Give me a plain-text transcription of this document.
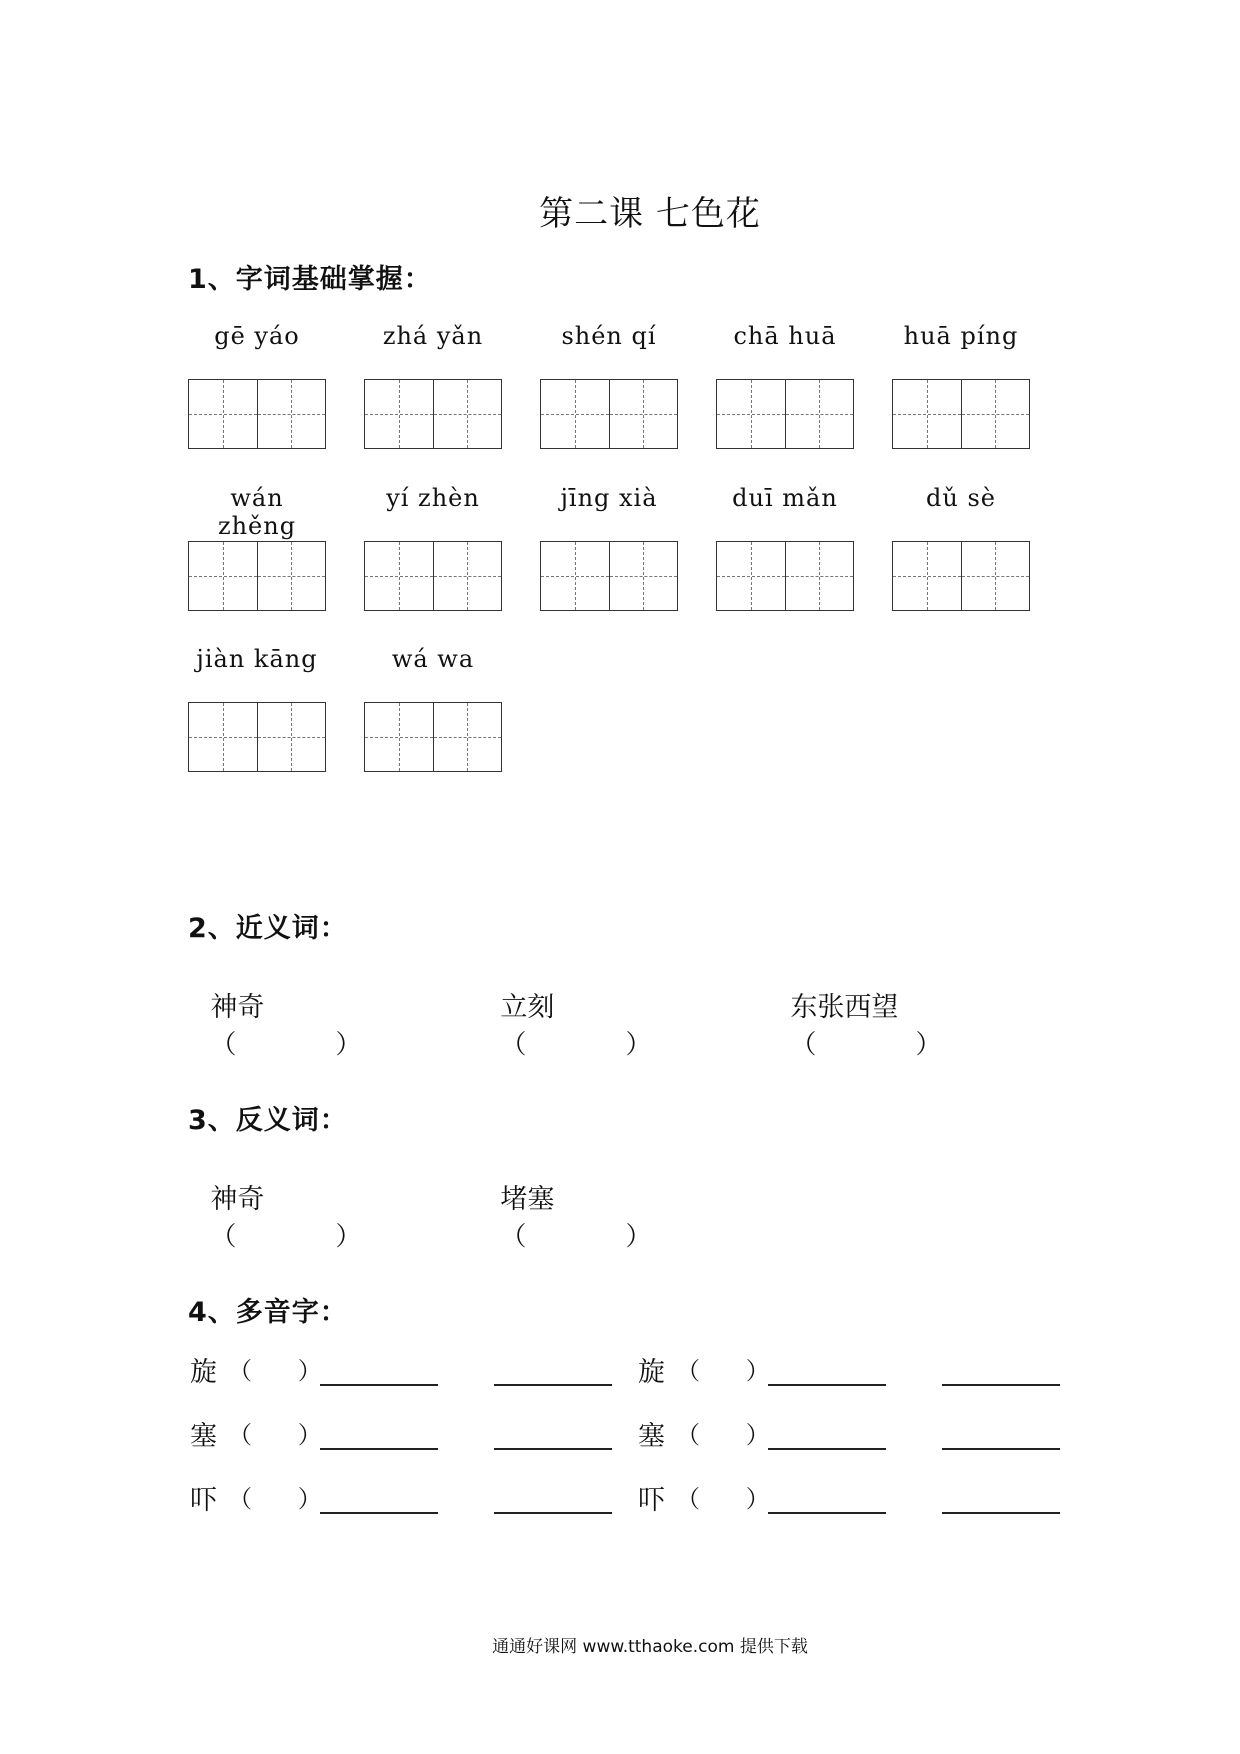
第二课 七色花
1、字词基础掌握：
gē yáo	zhá yǎn	shén qí	chā huā	huā píng
wán zhěng
yí zhèn	jīng xià	duī mǎn	dǔ sè
jiàn kāng	wá wa
2、近义词：

神奇
（            ）

立刻
（            ）

东张西望
（            ）

3、反义词：

神奇
（            ）

堵塞
（            ）

4、多音字：
旋 （      ）	旋 （      ）
塞 （      ）	塞 （      ）
吓 （      ）	吓 （      ）
通通好课网 www.tthaoke.com 提供下载
